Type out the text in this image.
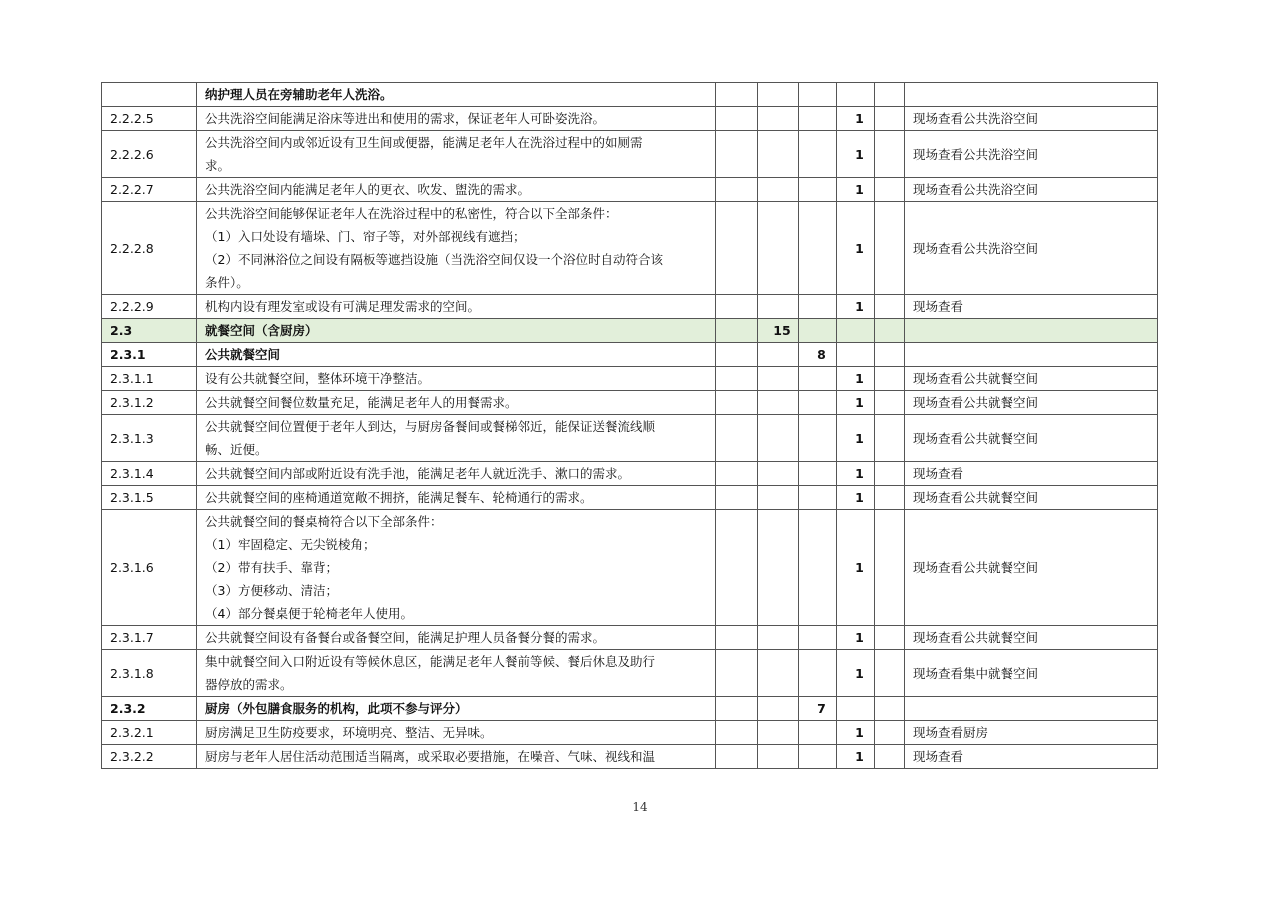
	纳护理人员在旁辅助老年人洗浴。						

2.2.2.5	公共洗浴空间能满足浴床等进出和使用的需求，保证老年人可卧姿洗浴。				1		现场查看公共洗浴空间
2.2.2.6	公共洗浴空间内或邻近设有卫生间或便器，能满足老年人在洗浴过程中的如厕需
求。				1		现场查看公共洗浴空间
2.2.2.7	公共洗浴空间内能满足老年人的更衣、吹发、盥洗的需求。				1		现场查看公共洗浴空间
2.2.2.8	公共洗浴空间能够保证老年人在洗浴过程中的私密性，符合以下全部条件：
（1）入口处设有墙垛、门、帘子等，对外部视线有遮挡；
（2）不同淋浴位之间设有隔板等遮挡设施（当洗浴空间仅设一个浴位时自动符合该
条件）。				1		现场查看公共洗浴空间
2.2.2.9	机构内设有理发室或设有可满足理发需求的空间。				1		现场查看
2.3	就餐空间（含厨房）		15				
2.3.1	公共就餐空间			8			
2.3.1.1	设有公共就餐空间，整体环境干净整洁。				1		现场查看公共就餐空间
2.3.1.2	公共就餐空间餐位数量充足，能满足老年人的用餐需求。				1		现场查看公共就餐空间
2.3.1.3	公共就餐空间位置便于老年人到达，与厨房备餐间或餐梯邻近，能保证送餐流线顺
畅、近便。				1		现场查看公共就餐空间
2.3.1.4	公共就餐空间内部或附近设有洗手池，能满足老年人就近洗手、漱口的需求。				1		现场查看
2.3.1.5	公共就餐空间的座椅通道宽敞不拥挤，能满足餐车、轮椅通行的需求。				1		现场查看公共就餐空间
2.3.1.6	公共就餐空间的餐桌椅符合以下全部条件：
（1）牢固稳定、无尖锐棱角；
（2）带有扶手、靠背；
（3）方便移动、清洁；
（4）部分餐桌便于轮椅老年人使用。				1		现场查看公共就餐空间
2.3.1.7	公共就餐空间设有备餐台或备餐空间，能满足护理人员备餐分餐的需求。				1		现场查看公共就餐空间
2.3.1.8	集中就餐空间入口附近设有等候休息区，能满足老年人餐前等候、餐后休息及助行
器停放的需求。				1		现场查看集中就餐空间
2.3.2	厨房（外包膳食服务的机构，此项不参与评分）			7			
2.3.2.1	厨房满足卫生防疫要求，环境明亮、整洁、无异味。				1		现场查看厨房
2.3.2.2	厨房与老年人居住活动范围适当隔离，或采取必要措施，在噪音、气味、视线和温				1		现场查看
14
